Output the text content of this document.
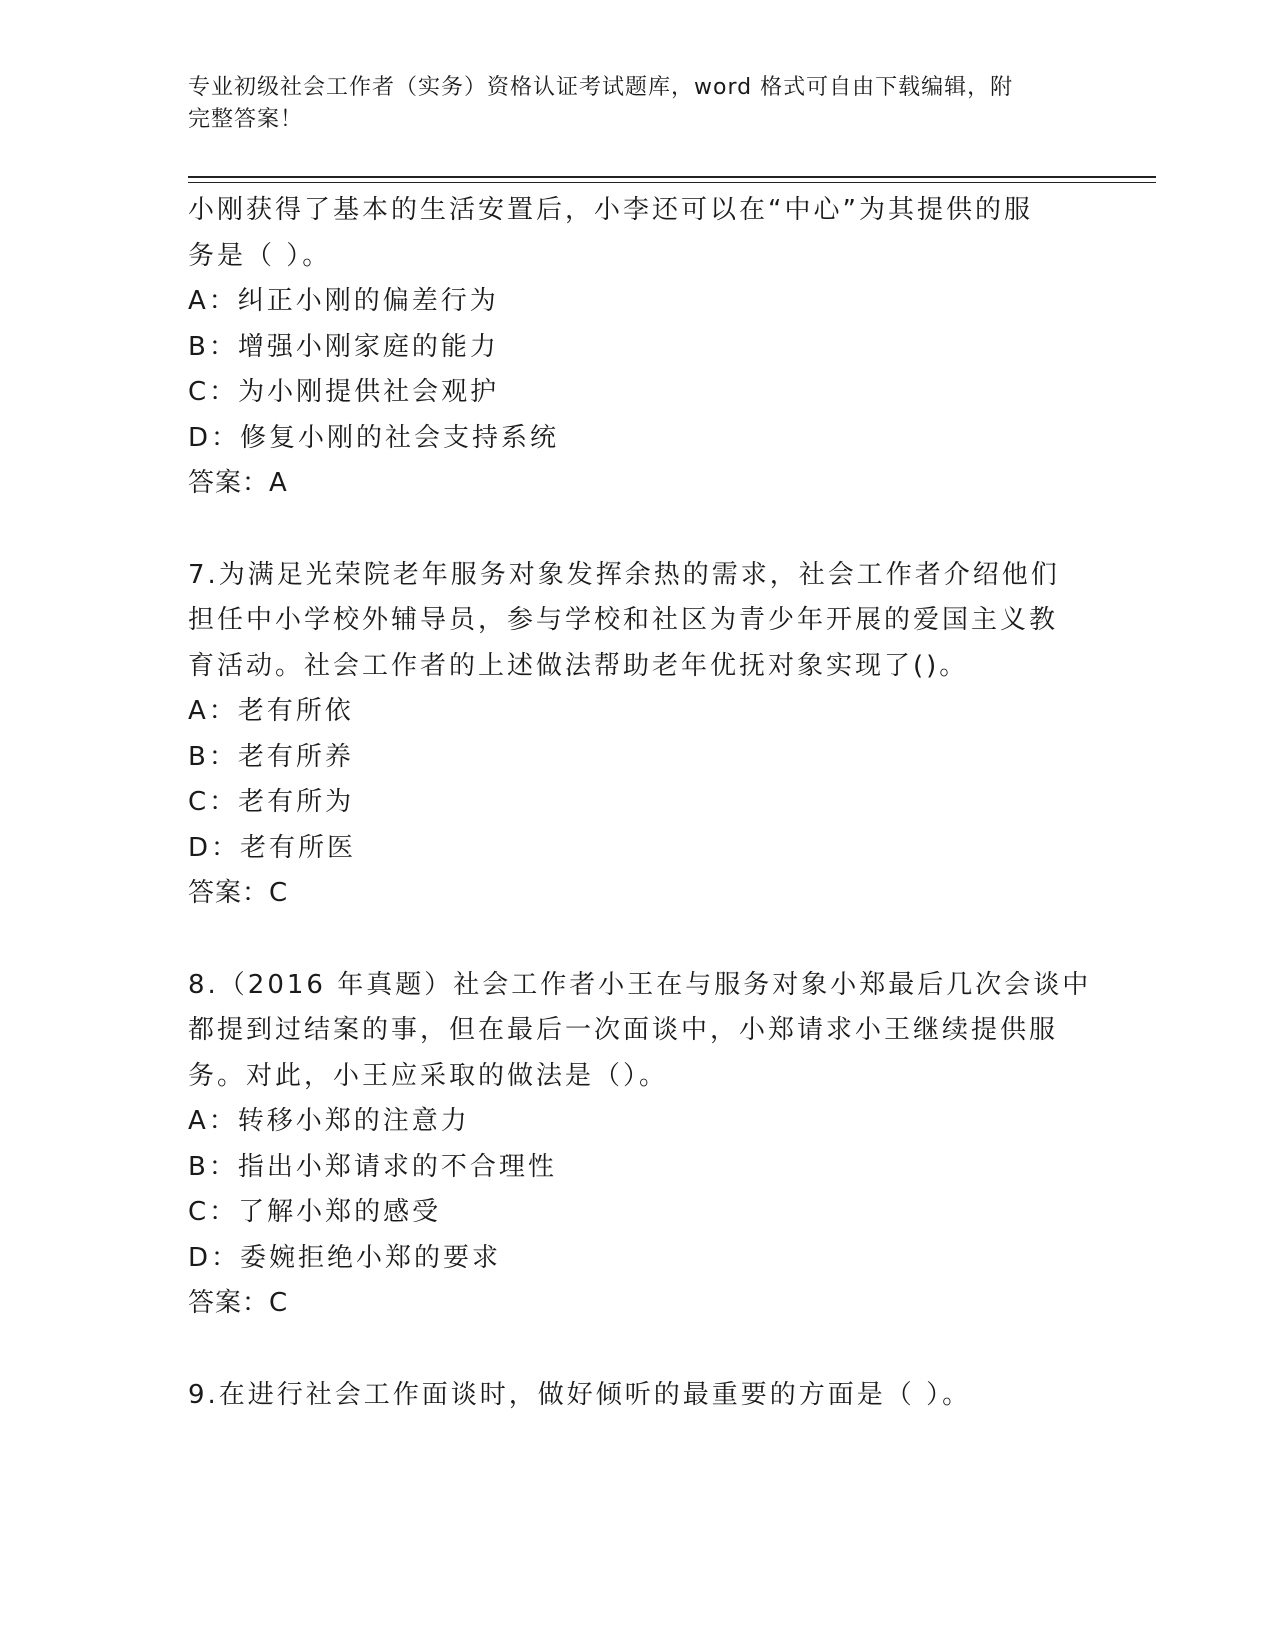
专业初级社会工作者（实务）资格认证考试题库，word 格式可自由下载编辑，附
完整答案！
小刚获得了基本的生活安置后，小李还可以在“中心”为其提供的服
务是（ ）。
A：纠正小刚的偏差行为
B：增强小刚家庭的能力
C：为小刚提供社会观护
D：修复小刚的社会支持系统
答案：A
7.为满足光荣院老年服务对象发挥余热的需求，社会工作者介绍他们
担任中小学校外辅导员，参与学校和社区为青少年开展的爱国主义教
育活动。社会工作者的上述做法帮助老年优抚对象实现了()。
A：老有所依
B：老有所养
C：老有所为
D：老有所医
答案：C
8.（2016 年真题）社会工作者小王在与服务对象小郑最后几次会谈中
都提到过结案的事，但在最后一次面谈中，小郑请求小王继续提供服
务。对此，小王应采取的做法是（）。
A：转移小郑的注意力
B：指出小郑请求的不合理性
C：了解小郑的感受
D：委婉拒绝小郑的要求
答案：C
9.在进行社会工作面谈时，做好倾听的最重要的方面是（ ）。
